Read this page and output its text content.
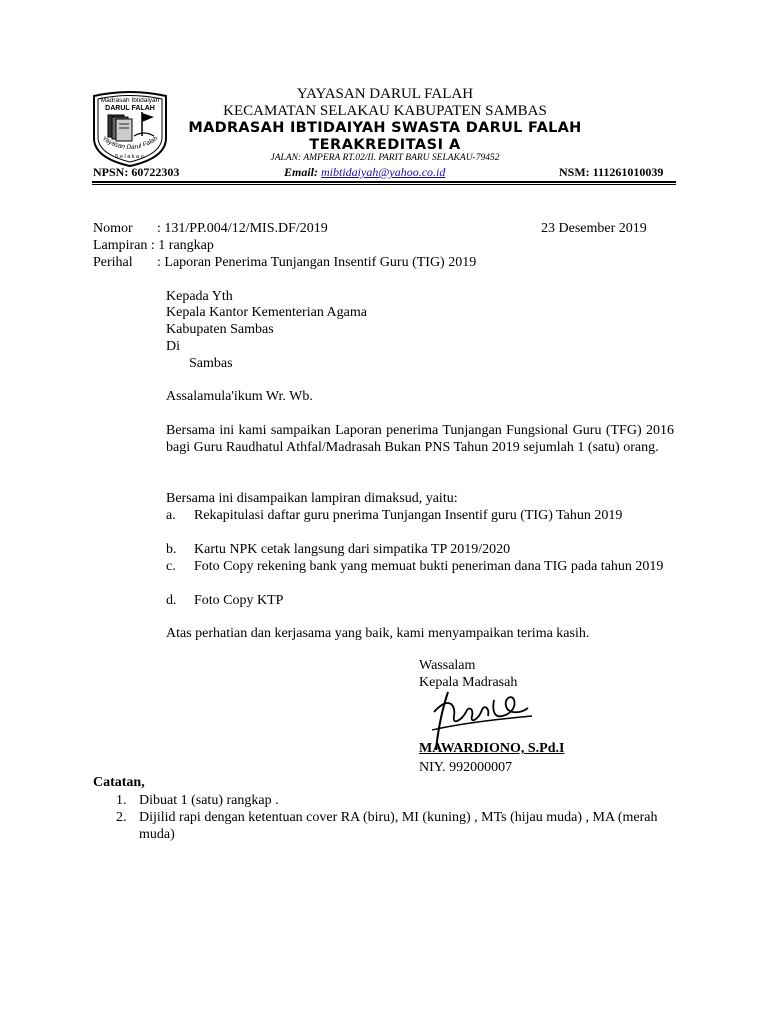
Madrasah Ibtidaiyah
DARUL FALAH
Yayasan Darul Falah
Selakau
YAYASAN DARUL FALAH
KECAMATAN SELAKAU KABUPATEN SAMBAS
MADRASAH IBTIDAIYAH SWASTA DARUL FALAH
TERAKREDITASI A
JALAN: AMPERA RT.02/II. PARIT BARU SELAKAU-79452
NPSN: 60722303	Email: mibtidaiyah@yahoo.co.id	NSM: 111261010039
Nomor : 131/PP.004/12/MIS.DF/2019	23 Desember 2019
Lampiran : 1 rangkap
Perihal : Laporan Penerima Tunjangan Insentif Guru (TIG) 2019
Kepada Yth
Kepala Kantor Kementerian Agama
Kabupaten Sambas
Di
Sambas
Assalamula'ikum Wr. Wb.
Bersama ini kami sampaikan Laporan penerima Tunjangan Fungsional Guru (TFG) 2016 bagi Guru Raudhatul Athfal/Madrasah Bukan PNS Tahun 2019 sejumlah 1 (satu) orang.
Bersama ini disampaikan lampiran dimaksud, yaitu:
a. Rekapitulasi daftar guru pnerima Tunjangan Insentif guru (TIG) Tahun 2019
b. Kartu NPK cetak langsung dari simpatika TP 2019/2020
c. Foto Copy rekening bank yang memuat bukti peneriman dana TIG pada tahun 2019
d. Foto Copy KTP
Atas perhatian dan kerjasama yang baik, kami menyampaikan terima kasih.
Wassalam
Kepala Madrasah
MAWARDIONO, S.Pd.I
NIY. 992000007
Catatan,
1. Dibuat 1 (satu) rangkap .
2. Dijilid rapi dengan ketentuan cover RA (biru), MI (kuning) , MTs (hijau muda) , MA (merah muda)
